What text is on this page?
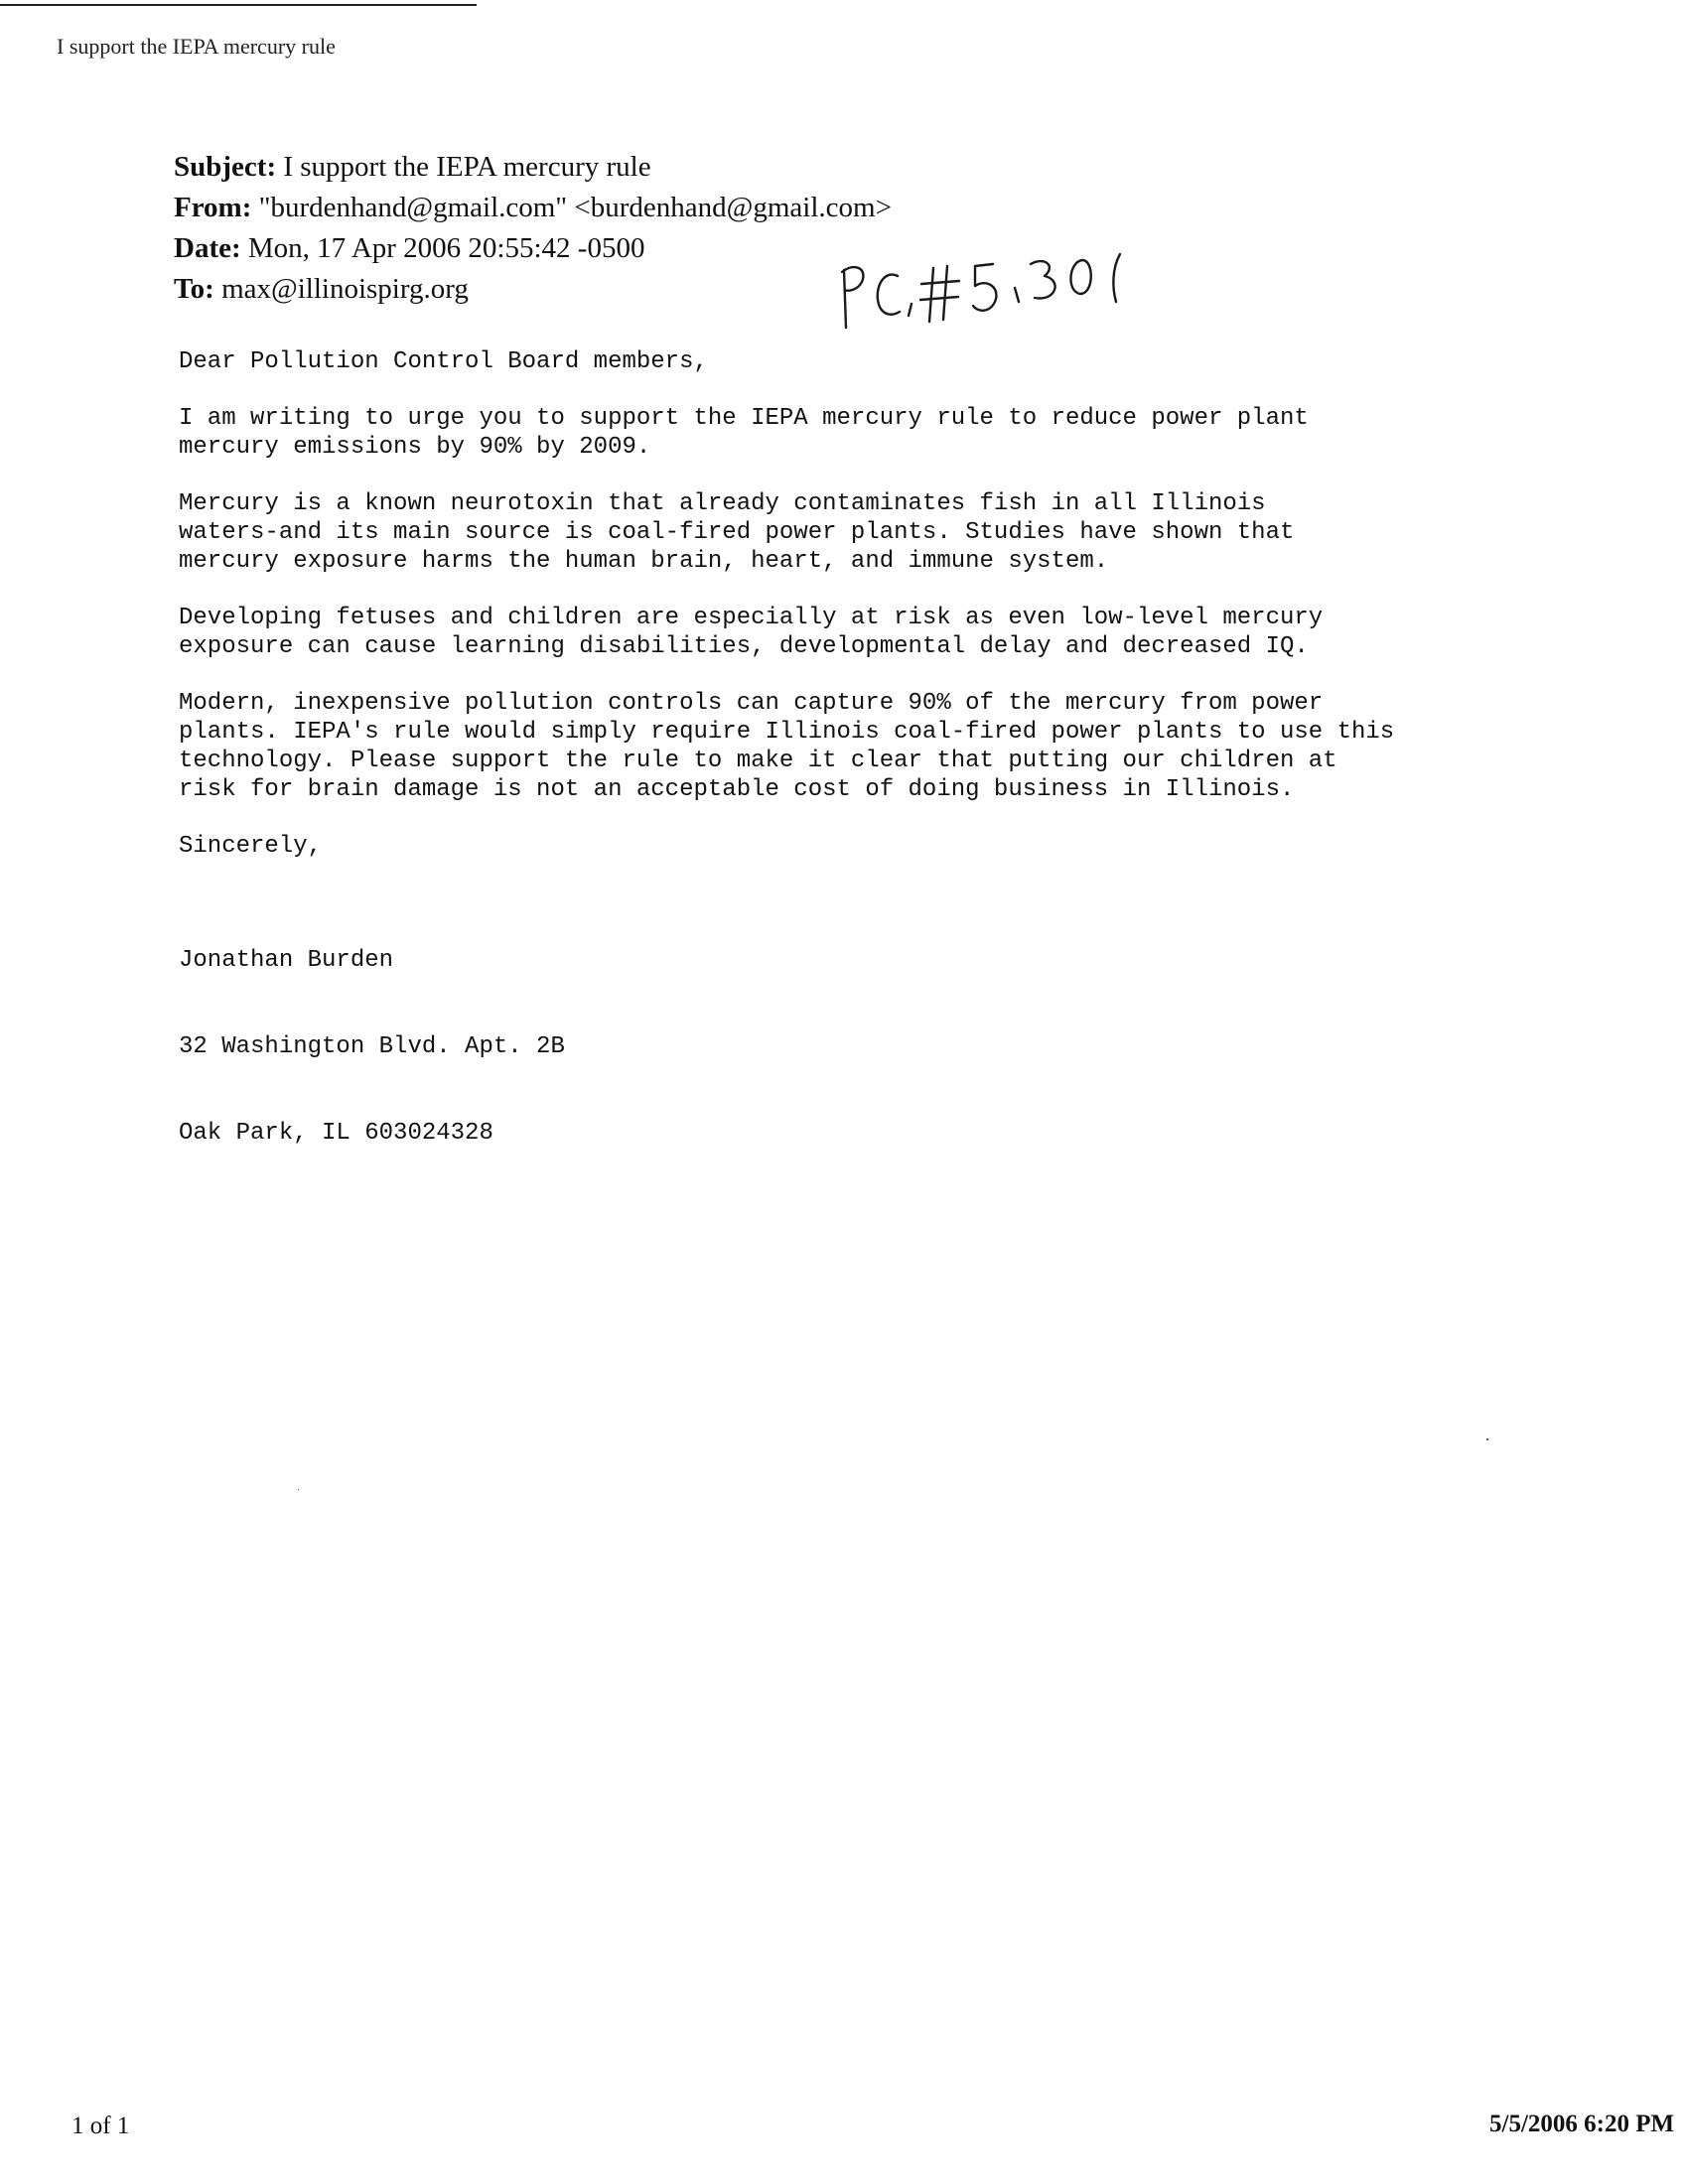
I support the IEPA mercury rule
Subject: I support the IEPA mercury rule
From: "burdenhand@gmail.com" <burdenhand@gmail.com>
Date: Mon, 17 Apr 2006 20:55:42 -0500
To: max@illinoispirg.org

Dear Pollution Control Board members,

I am writing to urge you to support the IEPA mercury rule to reduce power plant
mercury emissions by 90% by 2009.

Mercury is a known neurotoxin that already contaminates fish in all Illinois
waters-and its main source is coal-fired power plants. Studies have shown that
mercury exposure harms the human brain, heart, and immune system.

Developing fetuses and children are especially at risk as even low-level mercury
exposure can cause learning disabilities, developmental delay and decreased IQ.

Modern, inexpensive pollution controls can capture 90% of the mercury from power
plants. IEPA's rule would simply require Illinois coal-fired power plants to use this
technology. Please support the rule to make it clear that putting our children at
risk for brain damage is not an acceptable cost of doing business in Illinois.

Sincerely,

Jonathan Burden

32 Washington Blvd. Apt. 2B

Oak Park, IL 603024328

1 of 1	5/5/2006 6:20 PM
